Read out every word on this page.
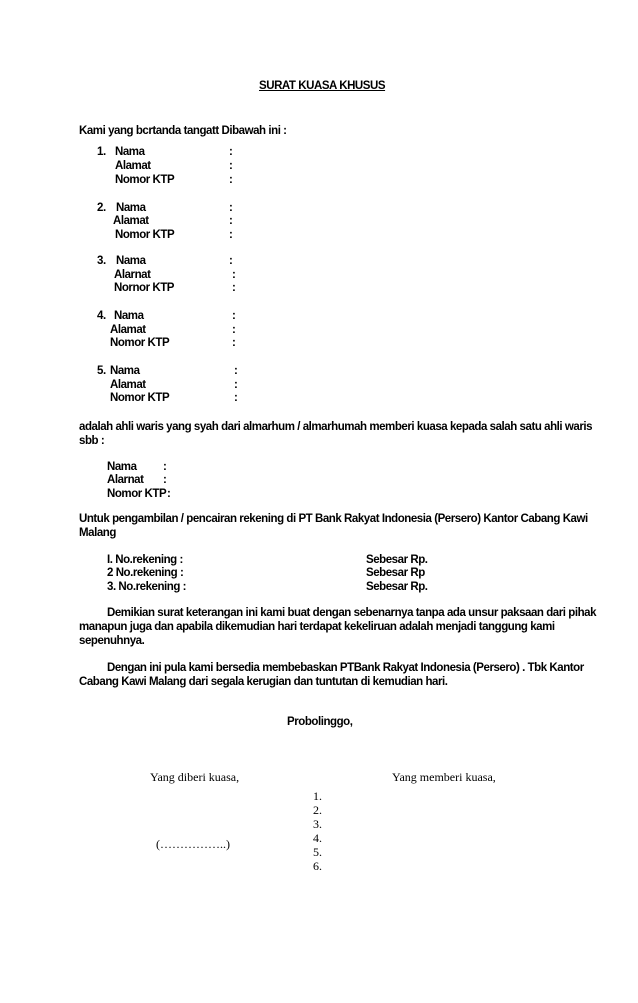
SURAT KUASA KHUSUS
Kami yang bcrtanda tangatt Dibawah ini :
1. Nama	:
Alamat	:
Nomor KTP	:
2. Nama	:
Alamat	:
Nomor KTP	:
3. Nama	:
Alarnat	:
Nornor KTP	:
4. Nama	:
Alamat	:
Nomor KTP	:
5. Nama	:
Alamat	:
Nomor KTP	:
adalah ahli waris yang syah dari almarhum / almarhumah memberi kuasa kepada salah satu ahli waris
sbb :
Nama :
Alarnat :
Nomor KTP :
Untuk pengambilan / pencairan rekening di PT Bank Rakyat Indonesia (Persero) Kantor Cabang Kawi
Malang
I. No.rekening :	Sebesar Rp.
2 No.rekening :	Sebesar Rp
3. No.rekening :	Sebesar Rp.
Demikian surat keterangan ini kami buat dengan sebenarnya tanpa ada unsur paksaan dari pihak
manapun juga dan apabila dikemudian hari terdapat kekeliruan adalah menjadi tanggung kami
sepenuhnya.
Dengan ini pula kami bersedia membebaskan PTBank Rakyat Indonesia (Persero) . Tbk Kantor
Cabang Kawi Malang dari segala kerugian dan tuntutan di kemudian hari.
Probolinggo,
Yang diberi kuasa,	Yang memberi kuasa,
1.
2.
3.
4.
(……………..)
5.
6.
